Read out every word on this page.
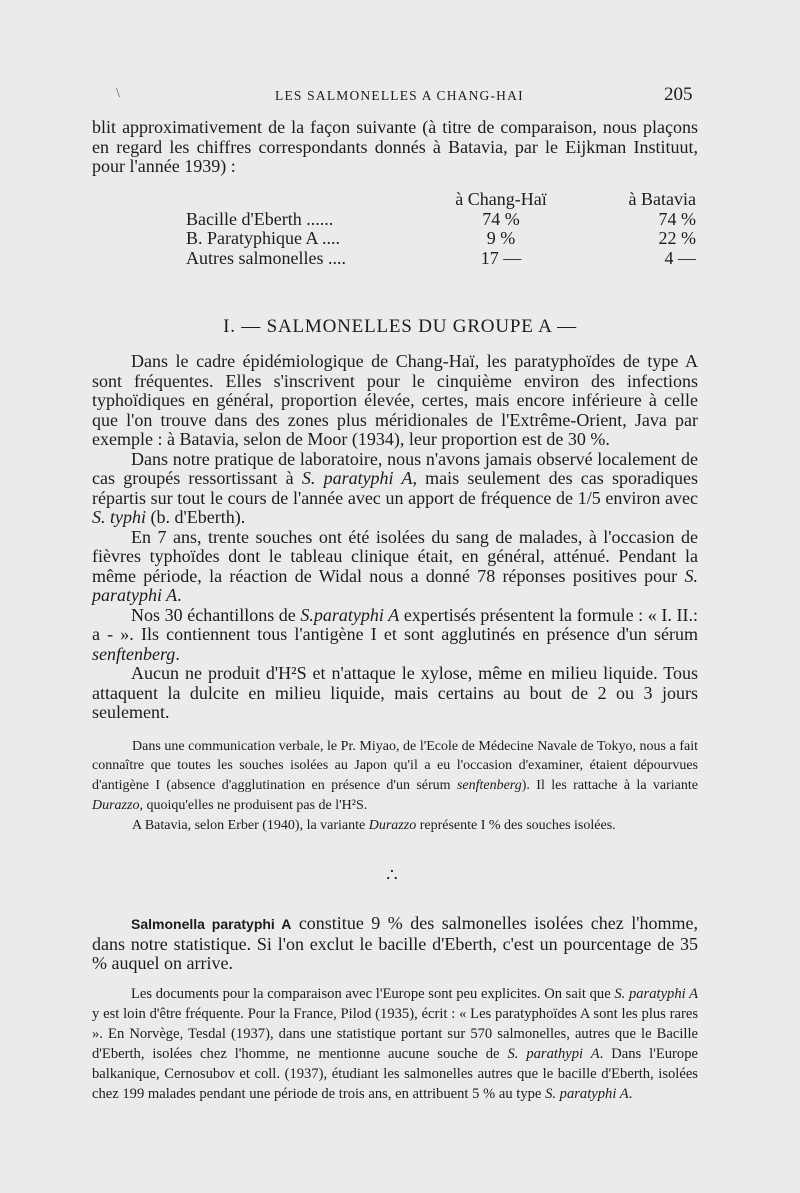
\	LES SALMONELLES A CHANG-HAI	205

blit approximativement de la façon suivante (à titre de comparaison, nous plaçons en regard les chiffres correspondants donnés à Batavia, par le Eijkman Instituut, pour l'année 1939) :

	à Chang-Haï	à Batavia
Bacille d'Eberth ......	74 %	74 %
B. Paratyphique A ....	9 %	22 %
Autres salmonelles ....	17 —	4 —
I. — SALMONELLES DU GROUPE A —

Dans le cadre épidémiologique de Chang-Haï, les paratyphoïdes de type A sont fréquentes. Elles s'inscrivent pour le cinquième environ des infections typhoïdiques en général, proportion élevée, certes, mais encore inférieure à celle que l'on trouve dans des zones plus méridionales de l'Extrême-Orient, Java par exemple : à Batavia, selon de Moor (1934), leur proportion est de 30 %.

Dans notre pratique de laboratoire, nous n'avons jamais observé localement de cas groupés ressortissant à S. paratyphi A, mais seulement des cas sporadiques répartis sur tout le cours de l'année avec un apport de fréquence de 1/5 environ avec S. typhi (b. d'Eberth).

En 7 ans, trente souches ont été isolées du sang de malades, à l'occasion de fièvres typhoïdes dont le tableau clinique était, en général, atténué. Pendant la même période, la réaction de Widal nous a donné 78 réponses positives pour S. paratyphi A.

Nos 30 échantillons de S.paratyphi A expertisés présentent la formule : « I. II.: a - ». Ils contiennent tous l'antigène I et sont agglutinés en présence d'un sérum senftenberg.

Aucun ne produit d'H²S et n'attaque le xylose, même en milieu liquide. Tous attaquent la dulcite en milieu liquide, mais certains au bout de 2 ou 3 jours seulement.

Dans une communication verbale, le Pr. Miyao, de l'Ecole de Médecine Navale de Tokyo, nous a fait connaître que toutes les souches isolées au Japon qu'il a eu l'occasion d'examiner, étaient dépourvues d'antigène I (absence d'agglutination en présence d'un sérum senftenberg). Il les rattache à la variante Durazzo, quoiqu'elles ne produisent pas de l'H²S.

A Batavia, selon Erber (1940), la variante Durazzo représente I % des souches isolées.

∴

Salmonella paratyphi A constitue 9 % des salmonelles isolées chez l'homme, dans notre statistique. Si l'on exclut le bacille d'Eberth, c'est un pourcentage de 35 % auquel on arrive.

Les documents pour la comparaison avec l'Europe sont peu explicites. On sait que S. paratyphi A y est loin d'être fréquente. Pour la France, Pilod (1935), écrit : « Les paratyphoïdes A sont les plus rares ». En Norvège, Tesdal (1937), dans une statistique portant sur 570 salmonelles, autres que le Bacille d'Eberth, isolées chez l'homme, ne mentionne aucune souche de S. parathypi A. Dans l'Europe balkanique, Cernosubov et coll. (1937), étudiant les salmonelles autres que le bacille d'Eberth, isolées chez 199 malades pendant une période de trois ans, en attribuent 5 % au type S. paratyphi A.
